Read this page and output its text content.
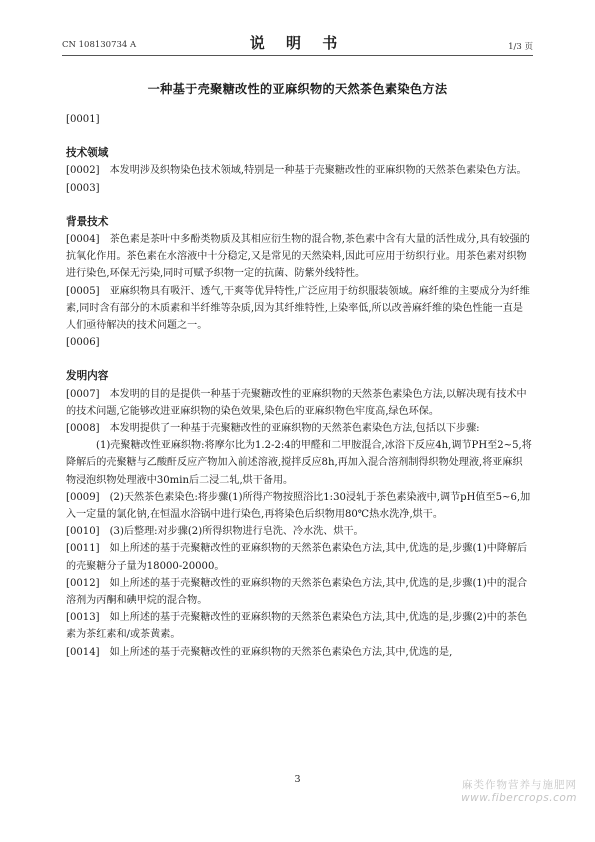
CN 108130734 A	说 明 书	1/3 页
一种基于壳聚糖改性的亚麻织物的天然茶色素染色方法
[0001]
技术领域
[0002] 本发明涉及织物染色技术领域,特别是一种基于壳聚糖改性的亚麻织物的天然茶色素染色方法。
[0003]
背景技术
[0004] 茶色素是茶叶中多酚类物质及其相应衍生物的混合物,茶色素中含有大量的活性成分,具有较强的抗氧化作用。茶色素在水溶液中十分稳定,又是常见的天然染料,因此可应用于纺织行业。用茶色素对织物进行染色,环保无污染,同时可赋予织物一定的抗菌、防紫外线特性。
[0005] 亚麻织物具有吸汗、透气,干爽等优异特性,广泛应用于纺织服装领域。麻纤维的主要成分为纤维素,同时含有部分的木质素和半纤维等杂质,因为其纤维特性,上染率低,所以改善麻纤维的染色性能一直是人们亟待解决的技术问题之一。
[0006]
发明内容
[0007] 本发明的目的是提供一种基于壳聚糖改性的亚麻织物的天然茶色素染色方法,以解决现有技术中的技术问题,它能够改进亚麻织物的染色效果,染色后的亚麻织物色牢度高,绿色环保。
[0008] 本发明提供了一种基于壳聚糖改性的亚麻织物的天然茶色素染色方法,包括以下步骤:
(1)壳聚糖改性亚麻织物:将摩尔比为1.2-2:4的甲醛和二甲胺混合,冰浴下反应4h,调节PH至2~5,将降解后的壳聚糖与乙酸酐反应产物加入前述溶液,搅拌反应8h,再加入混合溶剂制得织物处理液,将亚麻织物浸泡织物处理液中30min后二浸二轧,烘干备用。
[0009] (2)天然茶色素染色:将步骤(1)所得产物按照浴比1:30浸轧于茶色素染液中,调节pH值至5~6,加入一定量的氯化钠,在恒温水浴锅中进行染色,再将染色后织物用80℃热水洗净,烘干。
[0010] (3)后整理:对步骤(2)所得织物进行皂洗、冷水洗、烘干。
[0011] 如上所述的基于壳聚糖改性的亚麻织物的天然茶色素染色方法,其中,优选的是,步骤(1)中降解后的壳聚糖分子量为18000-20000。
[0012] 如上所述的基于壳聚糖改性的亚麻织物的天然茶色素染色方法,其中,优选的是,步骤(1)中的混合溶剂为丙酮和碘甲烷的混合物。
[0013] 如上所述的基于壳聚糖改性的亚麻织物的天然茶色素染色方法,其中,优选的是,步骤(2)中的茶色素为茶红素和/或茶黄素。
[0014] 如上所述的基于壳聚糖改性的亚麻织物的天然茶色素染色方法,其中,优选的是,
3	麻类作物营养与施肥网
www.fibercrops.com
